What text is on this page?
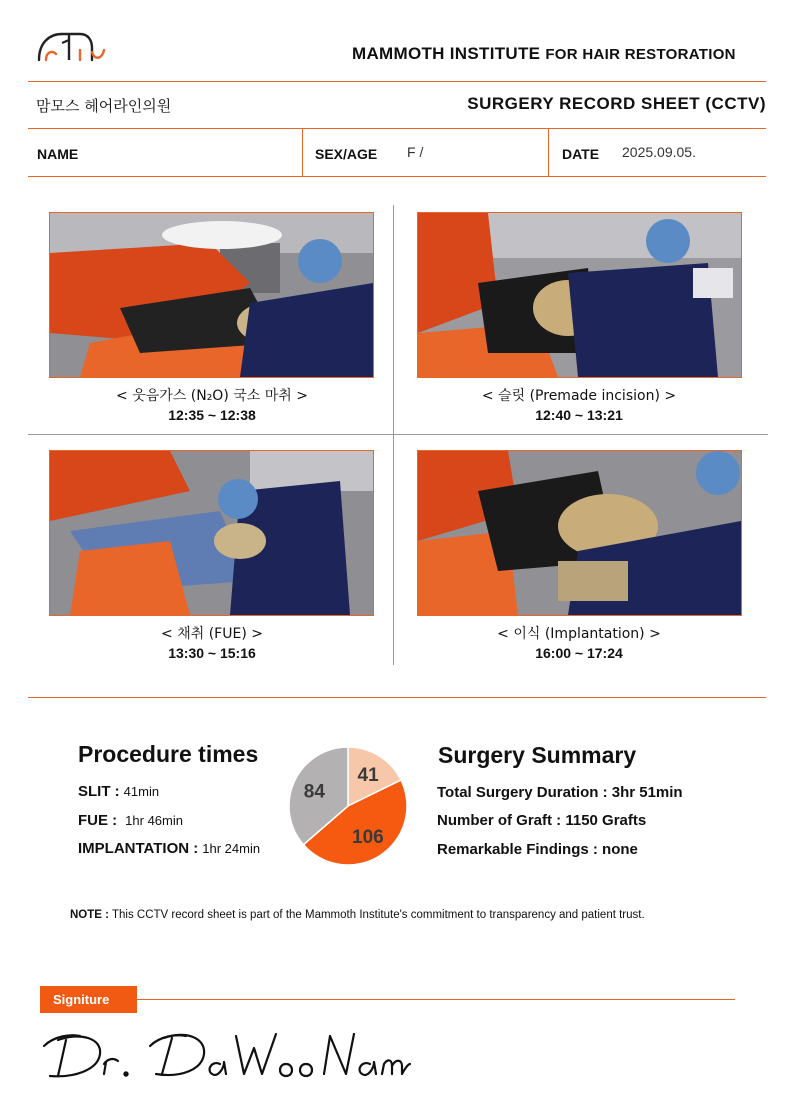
MAMMOTH INSTITUTE FOR HAIR RESTORATION
맘모스 헤어라인의원	SURGERY RECORD SHEET (CCTV)
NAME	SEX/AGE F /	DATE 2025.09.05.
< 웃음가스 (N₂O) 국소 마취 >
12:35 ~ 12:38
< 슬릿 (Premade incision) >
12:40 ~ 13:21
< 채취 (FUE) >
13:30 ~ 15:16
< 이식 (Implantation) >
16:00 ~ 17:24
Procedure times
SLIT : 41min
FUE : 1hr 46min
IMPLANTATION : 1hr 24min
41
106
84
Surgery Summary
Total Surgery Duration : 3hr 51min
Number of Graft : 1150 Grafts
Remarkable Findings : none
NOTE : This CCTV record sheet is part of the Mammoth Institute's commitment to transparency and patient trust.
Signiture
